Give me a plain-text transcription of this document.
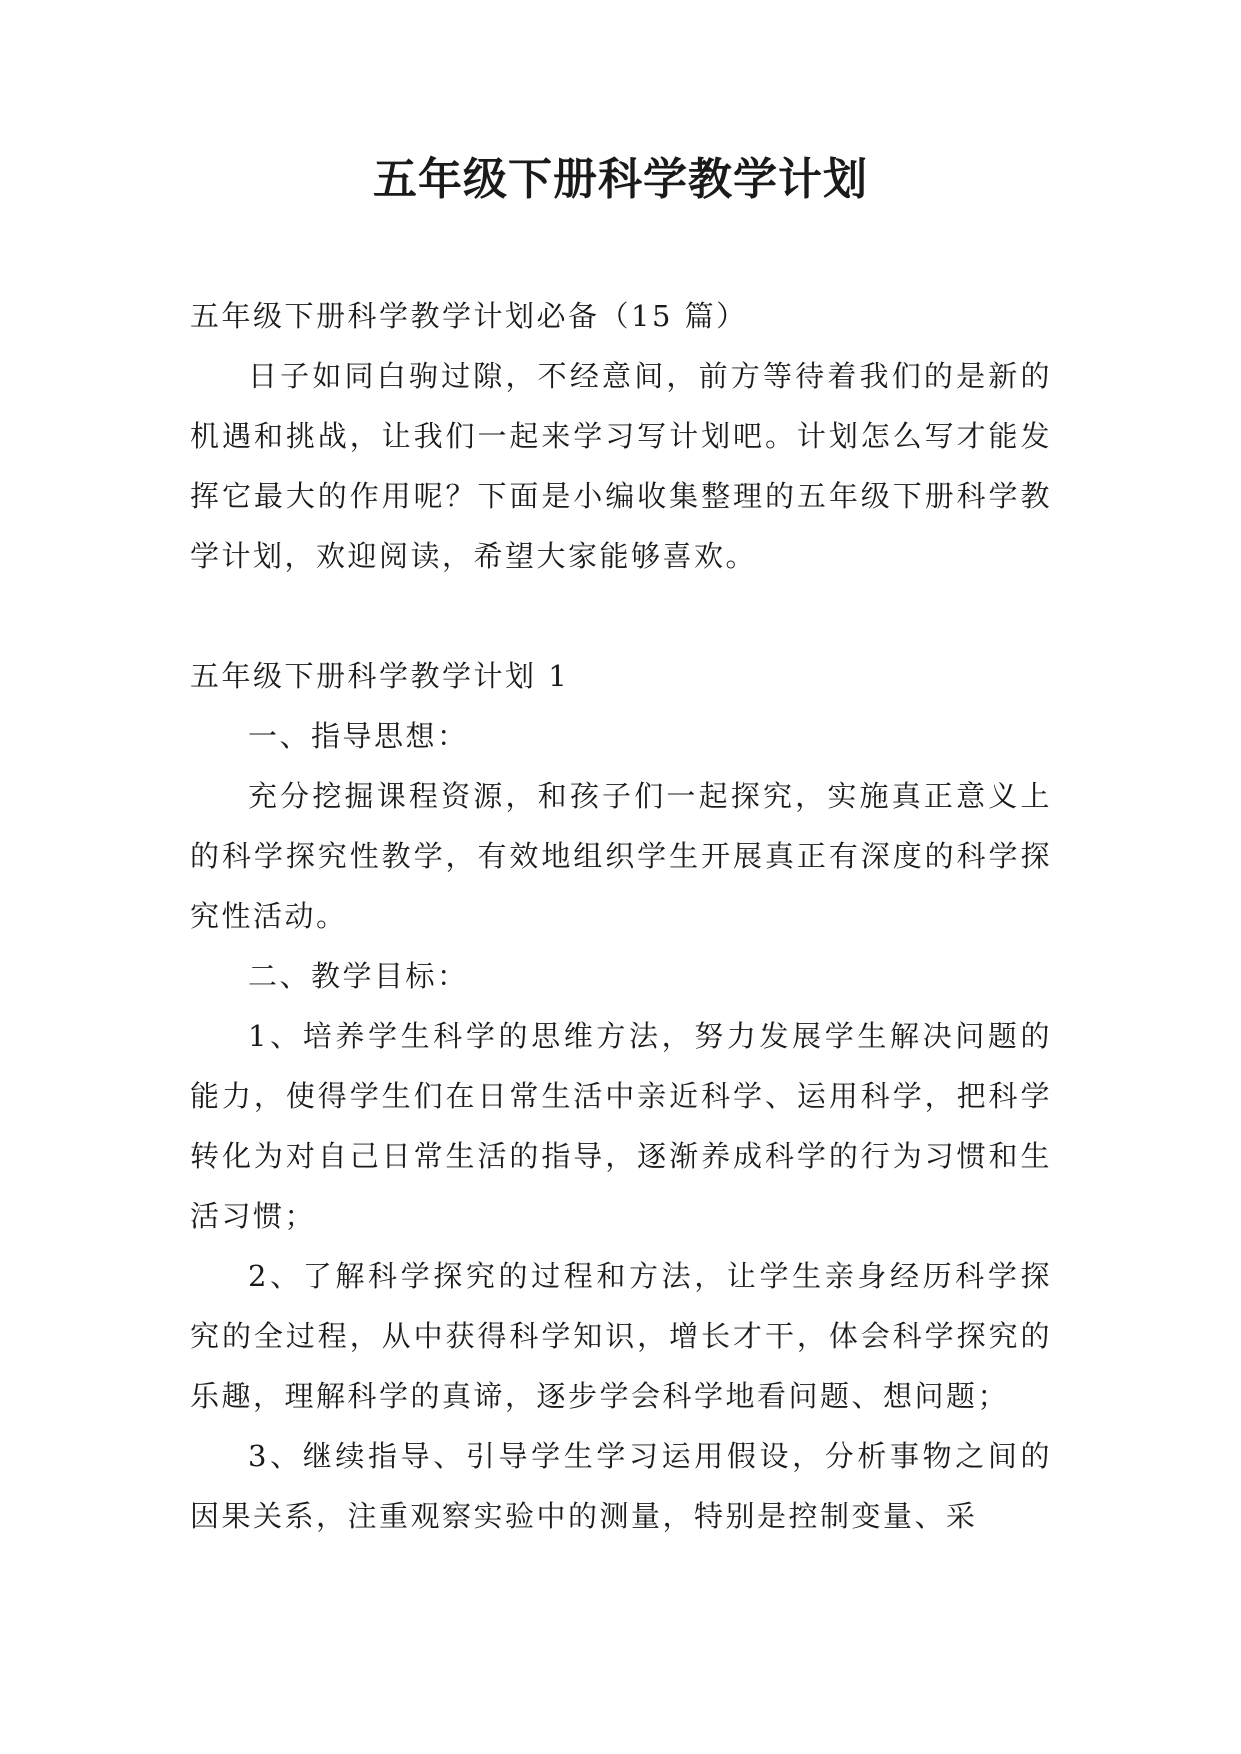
五年级下册科学教学计划

五年级下册科学教学计划必备（15 篇）

日子如同白驹过隙，不经意间，前方等待着我们的是新的机遇和挑战，让我们一起来学习写计划吧。计划怎么写才能发挥它最大的作用呢？下面是小编收集整理的五年级下册科学教学计划，欢迎阅读，希望大家能够喜欢。

五年级下册科学教学计划 1

一、指导思想：

充分挖掘课程资源，和孩子们一起探究，实施真正意义上的科学探究性教学，有效地组织学生开展真正有深度的科学探究性活动。

二、教学目标：

1、培养学生科学的思维方法，努力发展学生解决问题的能力，使得学生们在日常生活中亲近科学、运用科学，把科学转化为对自己日常生活的指导，逐渐养成科学的行为习惯和生活习惯；

2、了解科学探究的过程和方法，让学生亲身经历科学探究的全过程，从中获得科学知识，增长才干，体会科学探究的乐趣，理解科学的真谛，逐步学会科学地看问题、想问题；

3、继续指导、引导学生学习运用假设，分析事物之间的因果关系，注重观察实验中的测量，特别是控制变量、采
